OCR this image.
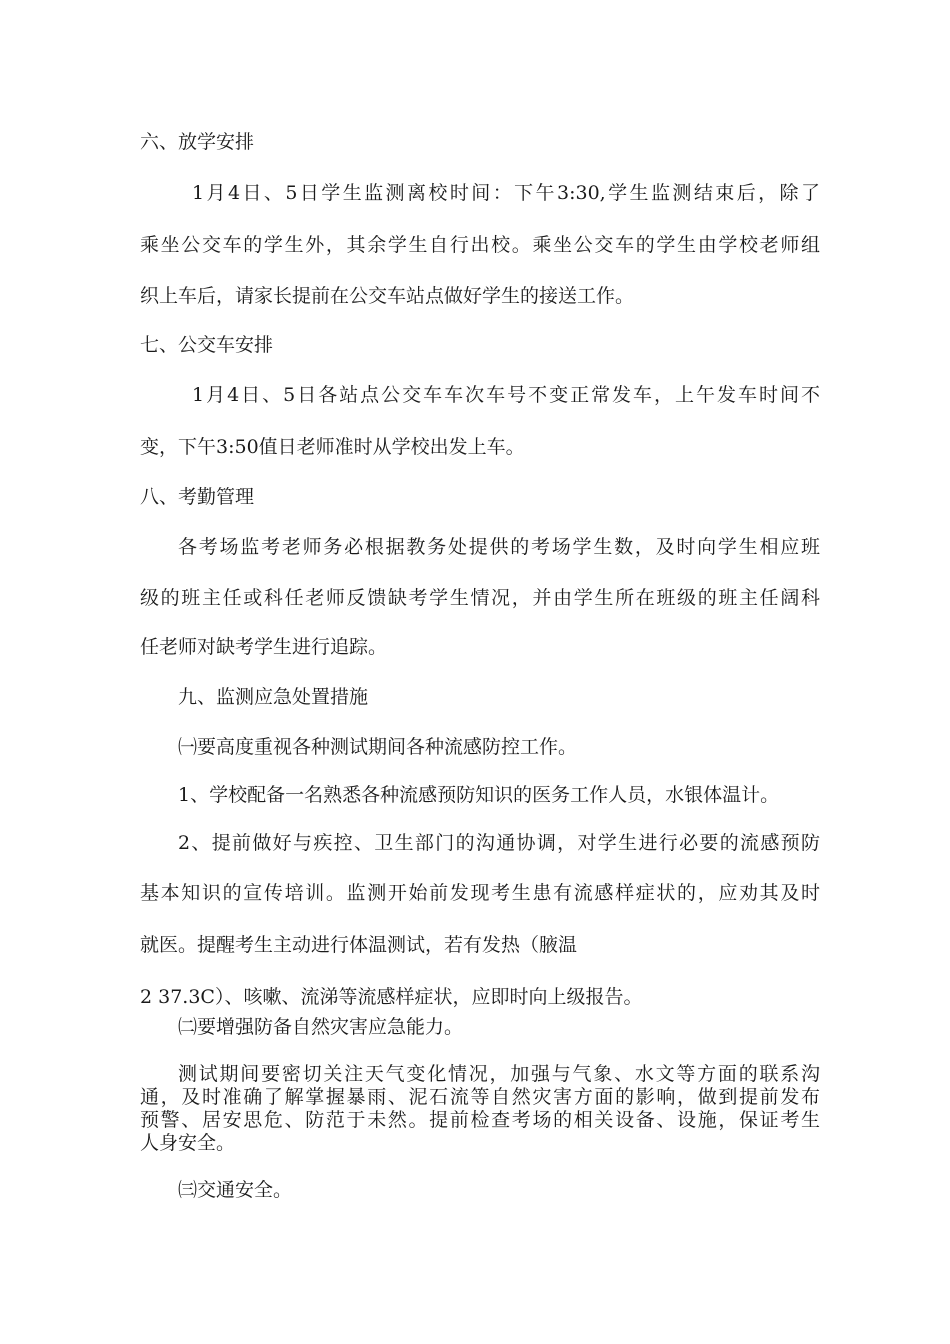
六、放学安排
1月4日、5日学生监测离校时间：下午3:30,学生监测结束后，除了
乘坐公交车的学生外，其余学生自行出校。乘坐公交车的学生由学校老师组
织上车后，请家长提前在公交车站点做好学生的接送工作。
七、公交车安排
1月4日、5日各站点公交车车次车号不变正常发车，上午发车时间不
变，下午3:50值日老师准时从学校出发上车。
八、考勤管理
各考场监考老师务必根据教务处提供的考场学生数，及时向学生相应班
级的班主任或科任老师反馈缺考学生情况，并由学生所在班级的班主任阔科
任老师对缺考学生进行追踪。
九、监测应急处置措施
㈠要高度重视各种测试期间各种流感防控工作。
1、学校配备一名熟悉各种流感预防知识的医务工作人员，水银体温计。
2、提前做好与疾控、卫生部门的沟通协调，对学生进行必要的流感预防
基本知识的宣传培训。监测开始前发现考生患有流感样症状的，应劝其及时
就医。提醒考生主动进行体温测试，若有发热（腋温
2 37.3C）、咳嗽、流涕等流感样症状，应即时向上级报告。
㈡要增强防备自然灾害应急能力。
测试期间要密切关注天气变化情况，加强与气象、水文等方面的联系沟
通，及时准确了解掌握暴雨、泥石流等自然灾害方面的影响，做到提前发布
预警、居安思危、防范于未然。提前检查考场的相关设备、设施，保证考生
人身安全。
㈢交通安全。
